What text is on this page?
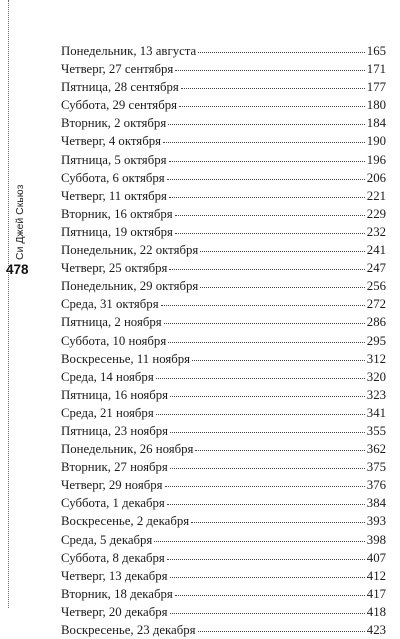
Си Джей Скьюз
478
Понедельник, 13 августа	165
Четверг, 27 сентября	171
Пятница, 28 сентября	177
Суббота, 29 сентября	180
Вторник, 2 октября	184
Четверг, 4 октября	190
Пятница, 5 октября	196
Суббота, 6 октября	206
Четверг, 11 октября	221
Вторник, 16 октября	229
Пятница, 19 октября	232
Понедельник, 22 октября	241
Четверг, 25 октября	247
Понедельник, 29 октября	256
Среда, 31 октября	272
Пятница, 2 ноября	286
Суббота, 10 ноября	295
Воскресенье, 11 ноября	312
Среда, 14 ноября	320
Пятница, 16 ноября	323
Среда, 21 ноября	341
Пятница, 23 ноября	355
Понедельник, 26 ноября	362
Вторник, 27 ноября	375
Четверг, 29 ноября	376
Суббота, 1 декабря	384
Воскресенье, 2 декабря	393
Среда, 5 декабря	398
Суббота, 8 декабря	407
Четверг, 13 декабря	412
Вторник, 18 декабря	417
Четверг, 20 декабря	418
Воскресенье, 23 декабря	423
